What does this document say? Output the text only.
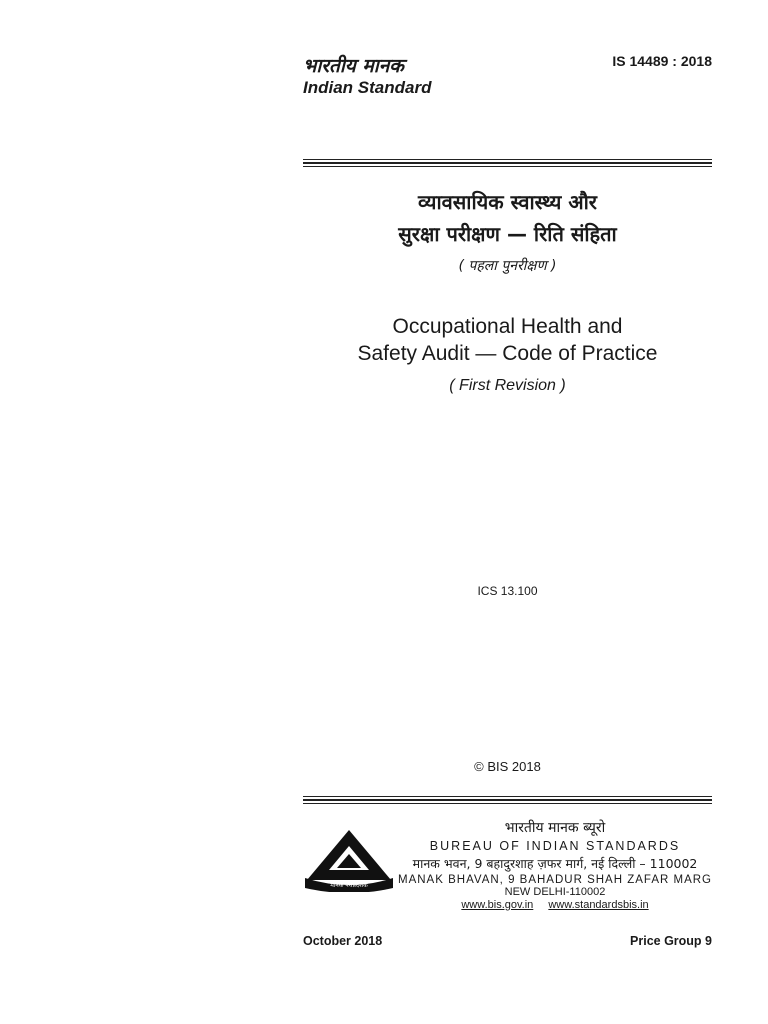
भारतीय मानक
Indian Standard
IS 14489 : 2018
व्यावसायिक स्वास्थ्य और
सुरक्षा परीक्षण — रिति संहिता
( पहला पुनरीक्षण )
Occupational Health and
Safety Audit — Code of Practice
( First Revision )
ICS 13.100
© BIS 2018
मानक पथप्रदर्शक
भारतीय मानक ब्यूरो
BUREAU OF INDIAN STANDARDS
मानक भवन, 9 बहादुरशाह ज़फर मार्ग, नई दिल्ली – 110002
MANAK BHAVAN, 9 BAHADUR SHAH ZAFAR MARG
NEW DELHI-110002
www.bis.gov.in www.standardsbis.in
October 2018	Price Group 9
